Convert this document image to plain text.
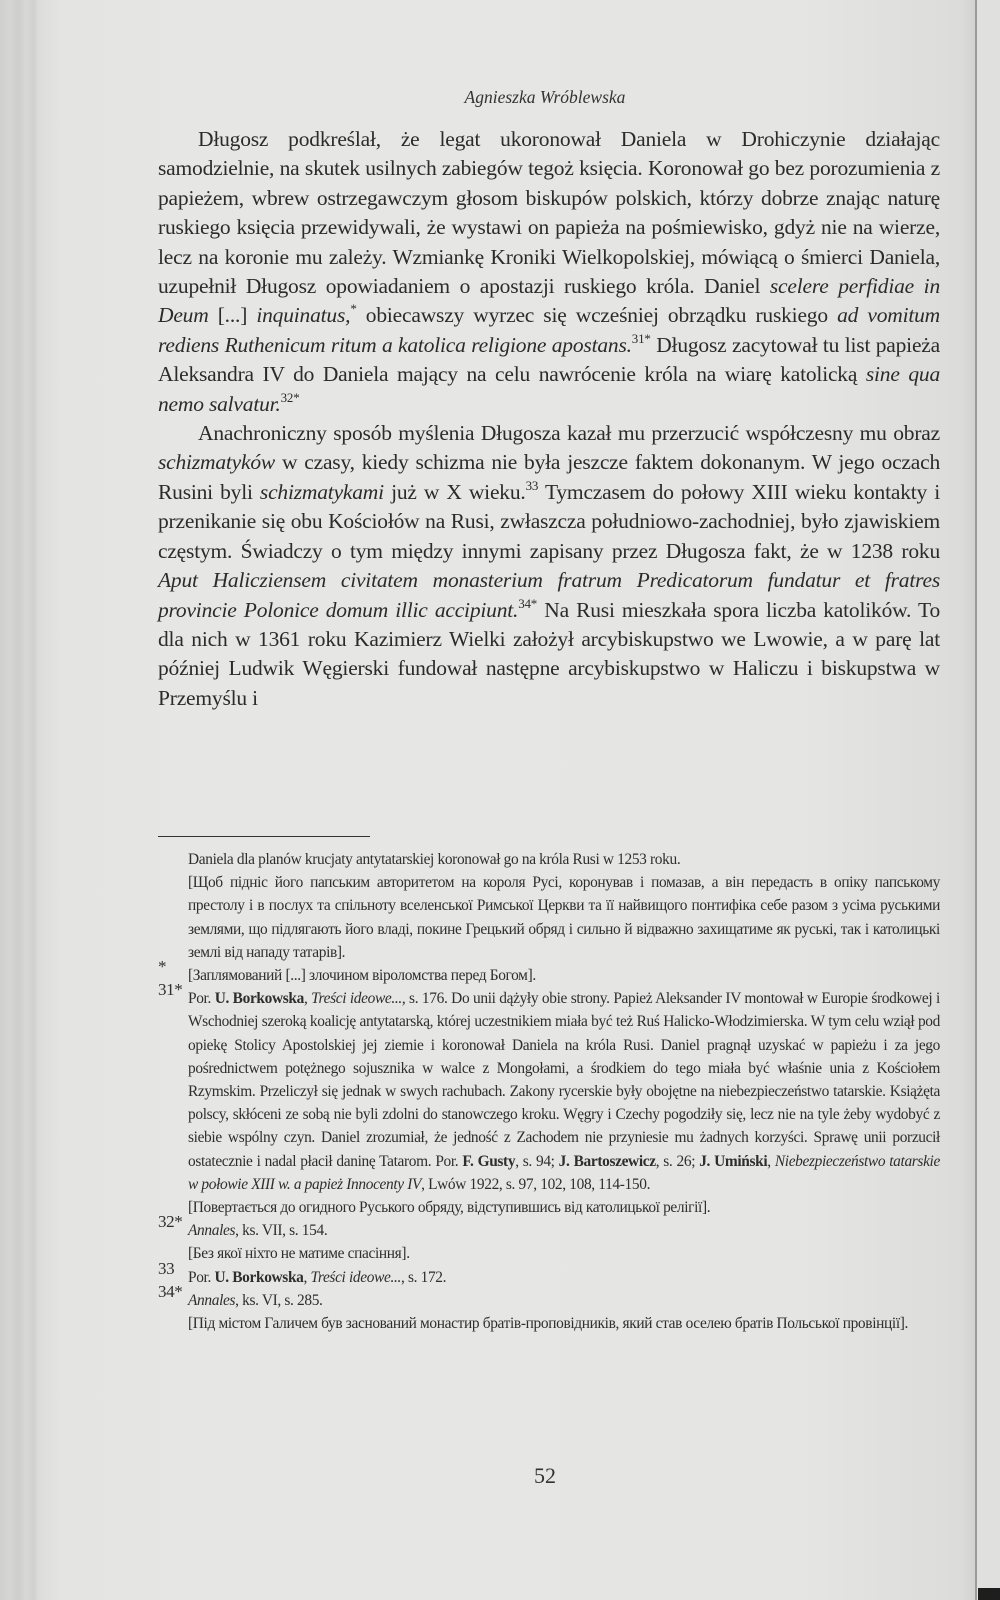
Agnieszka Wróblewska

Długosz podkreślał, że legat ukoronował Daniela w Drohiczynie działając samodzielnie, na skutek usilnych zabiegów tegoż księcia. Koronował go bez porozumienia z papieżem, wbrew ostrzegawczym głosom biskupów polskich, którzy dobrze znając naturę ruskiego księcia przewidywali, że wystawi on papieża na pośmiewisko, gdyż nie na wierze, lecz na koronie mu zależy. Wzmiankę Kroniki Wielkopolskiej, mówiącą o śmierci Daniela, uzupełnił Długosz opowiadaniem o apostazji ruskiego króla. Daniel scelere perfidiae in Deum [...] inquinatus,* obiecawszy wyrzec się wcześniej obrządku ruskiego ad vomitum rediens Ruthenicum ritum a katolica religione apostans.$^{31*}$ Długosz zacytował tu list papieża Aleksandra IV do Daniela mający na celu nawrócenie króla na wiarę katolicką sine qua nemo salvatur.$^{32*}$

Anachroniczny sposób myślenia Długosza kazał mu przerzucić współczesny mu obraz schizmatyków w czasy, kiedy schizma nie była jeszcze faktem dokonanym. W jego oczach Rusini byli schizmatykami już w X wieku.$^{33}$ Tymczasem do połowy XIII wieku kontakty i przenikanie się obu Kościołów na Rusi, zwłaszcza południowo-zachodniej, było zjawiskiem częstym. Świadczy o tym między innymi zapisany przez Długosza fakt, że w 1238 roku Aput Halicziensem civitatem monasterium fratrum Predicatorum fundatur et fratres provincie Polonice domum illic accipiunt.$^{34*}$ Na Rusi mieszkała spora liczba katolików. To dla nich w 1361 roku Kazimierz Wielki założył arcybiskupstwo we Lwowie, a w parę lat później Ludwik Węgierski fundował następne arcybiskupstwo w Haliczu i biskupstwa w Przemyślu i

Daniela dla planów krucjaty antytatarskiej koronował go na króla Rusi w 1253 roku.
[Щоб підніс його папським авторитетом на короля Русі, коронував і помазав, а він передасть в опіку папському престолу і в послух та спільноту вселенської Римської Церкви та її найвищого понтифіка себе разом з усіма руськими землями, що підлягають його владі, покине Грецький обряд і сильно й відважно захищатиме як руські, так і католицькі землі від нападу татарів].
* [Заплямований [...] злочином віроломства перед Богом].
31* Por. U. Borkowska, Treści ideowe..., s. 176. Do unii dążyły obie strony. Papież Aleksander IV montował w Europie środkowej i Wschodniej szeroką koalicję antytatarską, której uczestnikiem miała być też Ruś Halicko-Włodzimierska. W tym celu wziął pod opiekę Stolicy Apostolskiej jej ziemie i koronował Daniela na króla Rusi. Daniel pragnął uzyskać w papieżu i za jego pośrednictwem potężnego sojusznika w walce z Mongołami, a środkiem do tego miała być właśnie unia z Kościołem Rzymskim. Przeliczył się jednak w swych rachubach. Zakony rycerskie były obojętne na niebezpieczeństwo tatarskie. Książęta polscy, skłóceni ze sobą nie byli zdolni do stanowczego kroku. Węgry i Czechy pogodziły się, lecz nie na tyle żeby wydobyć z siebie wspólny czyn. Daniel zrozumiał, że jedność z Zachodem nie przyniesie mu żadnych korzyści. Sprawę unii porzucił ostatecznie i nadal płacił daninę Tatarom. Por. F. Gusty, s. 94; J. Bartoszewicz, s. 26; J. Umiński, Niebezpieczeństwo tatarskie w połowie XIII w. a papież Innocenty IV, Lwów 1922, s. 97, 102, 108, 114-150.
[Повертається до огидного Руського обряду, відступившись від католицької релігії].
32* Annales, ks. VII, s. 154.
[Без якої ніхто не матиме спасіння].
33 Por. U. Borkowska, Treści ideowe..., s. 172.
34* Annales, ks. VI, s. 285.
[Під містом Галичем був заснований монастир братів-проповідників, який став оселею братів Польської провінції].
52
